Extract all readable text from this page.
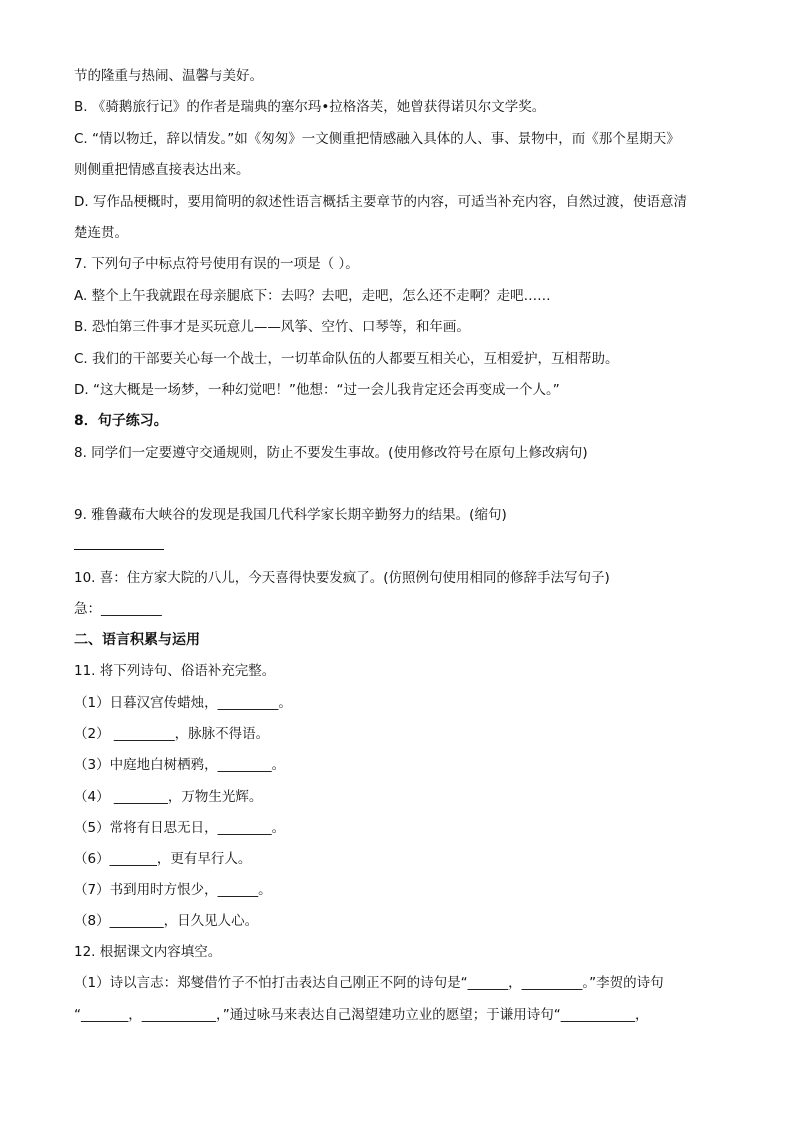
节的隆重与热闹、温馨与美好。
B. 《骑鹅旅行记》的作者是瑞典的塞尔玛•拉格洛芙，她曾获得诺贝尔文学奖。
C. “情以物迁，辞以情发。”如《匆匆》一文侧重把情感融入具体的人、事、景物中，而《那个星期天》
则侧重把情感直接表达出来。
D. 写作品梗概时，要用简明的叙述性语言概括主要章节的内容，可适当补充内容，自然过渡，使语意清
楚连贯。
7. 下列句子中标点符号使用有误的一项是（ ）。
A. 整个上午我就跟在母亲腿底下：去吗？去吧，走吧，怎么还不走啊？走吧……
B. 恐怕第三件事才是买玩意儿——风筝、空竹、口琴等，和年画。
C. 我们的干部要关心每一个战士，一切革命队伍的人都要互相关心，互相爱护，互相帮助。
D. “这大概是一场梦，一种幻觉吧！”他想：“过一会儿我肯定还会再变成一个人。”
8．句子练习。
8. 同学们一定要遵守交通规则，防止不要发生事故。(使用修改符号在原句上修改病句)
9. 雅鲁藏布大峡谷的发现是我国几代科学家长期辛勤努力的结果。(缩句)
10. 喜：住方家大院的八儿，今天喜得快要发疯了。(仿照例句使用相同的修辞手法写句子)
急：_________
二、语言积累与运用
11. 将下列诗句、俗语补充完整。
（1）日暮汉宫传蜡烛，_________。
（2） _________，脉脉不得语。
（3）中庭地白树栖鸦，________。
（4） ________，万物生光辉。
（5）常将有日思无日，________。
（6）_______，更有早行人。
（7）书到用时方恨少，______。
（8）________，日久见人心。
12. 根据课文内容填空。
（1）诗以言志：郑燮借竹子不怕打击表达自己刚正不阿的诗句是“______，_________。”李贺的诗句
“_______，___________，”通过咏马来表达自己渴望建功立业的愿望；于谦用诗句“___________，
